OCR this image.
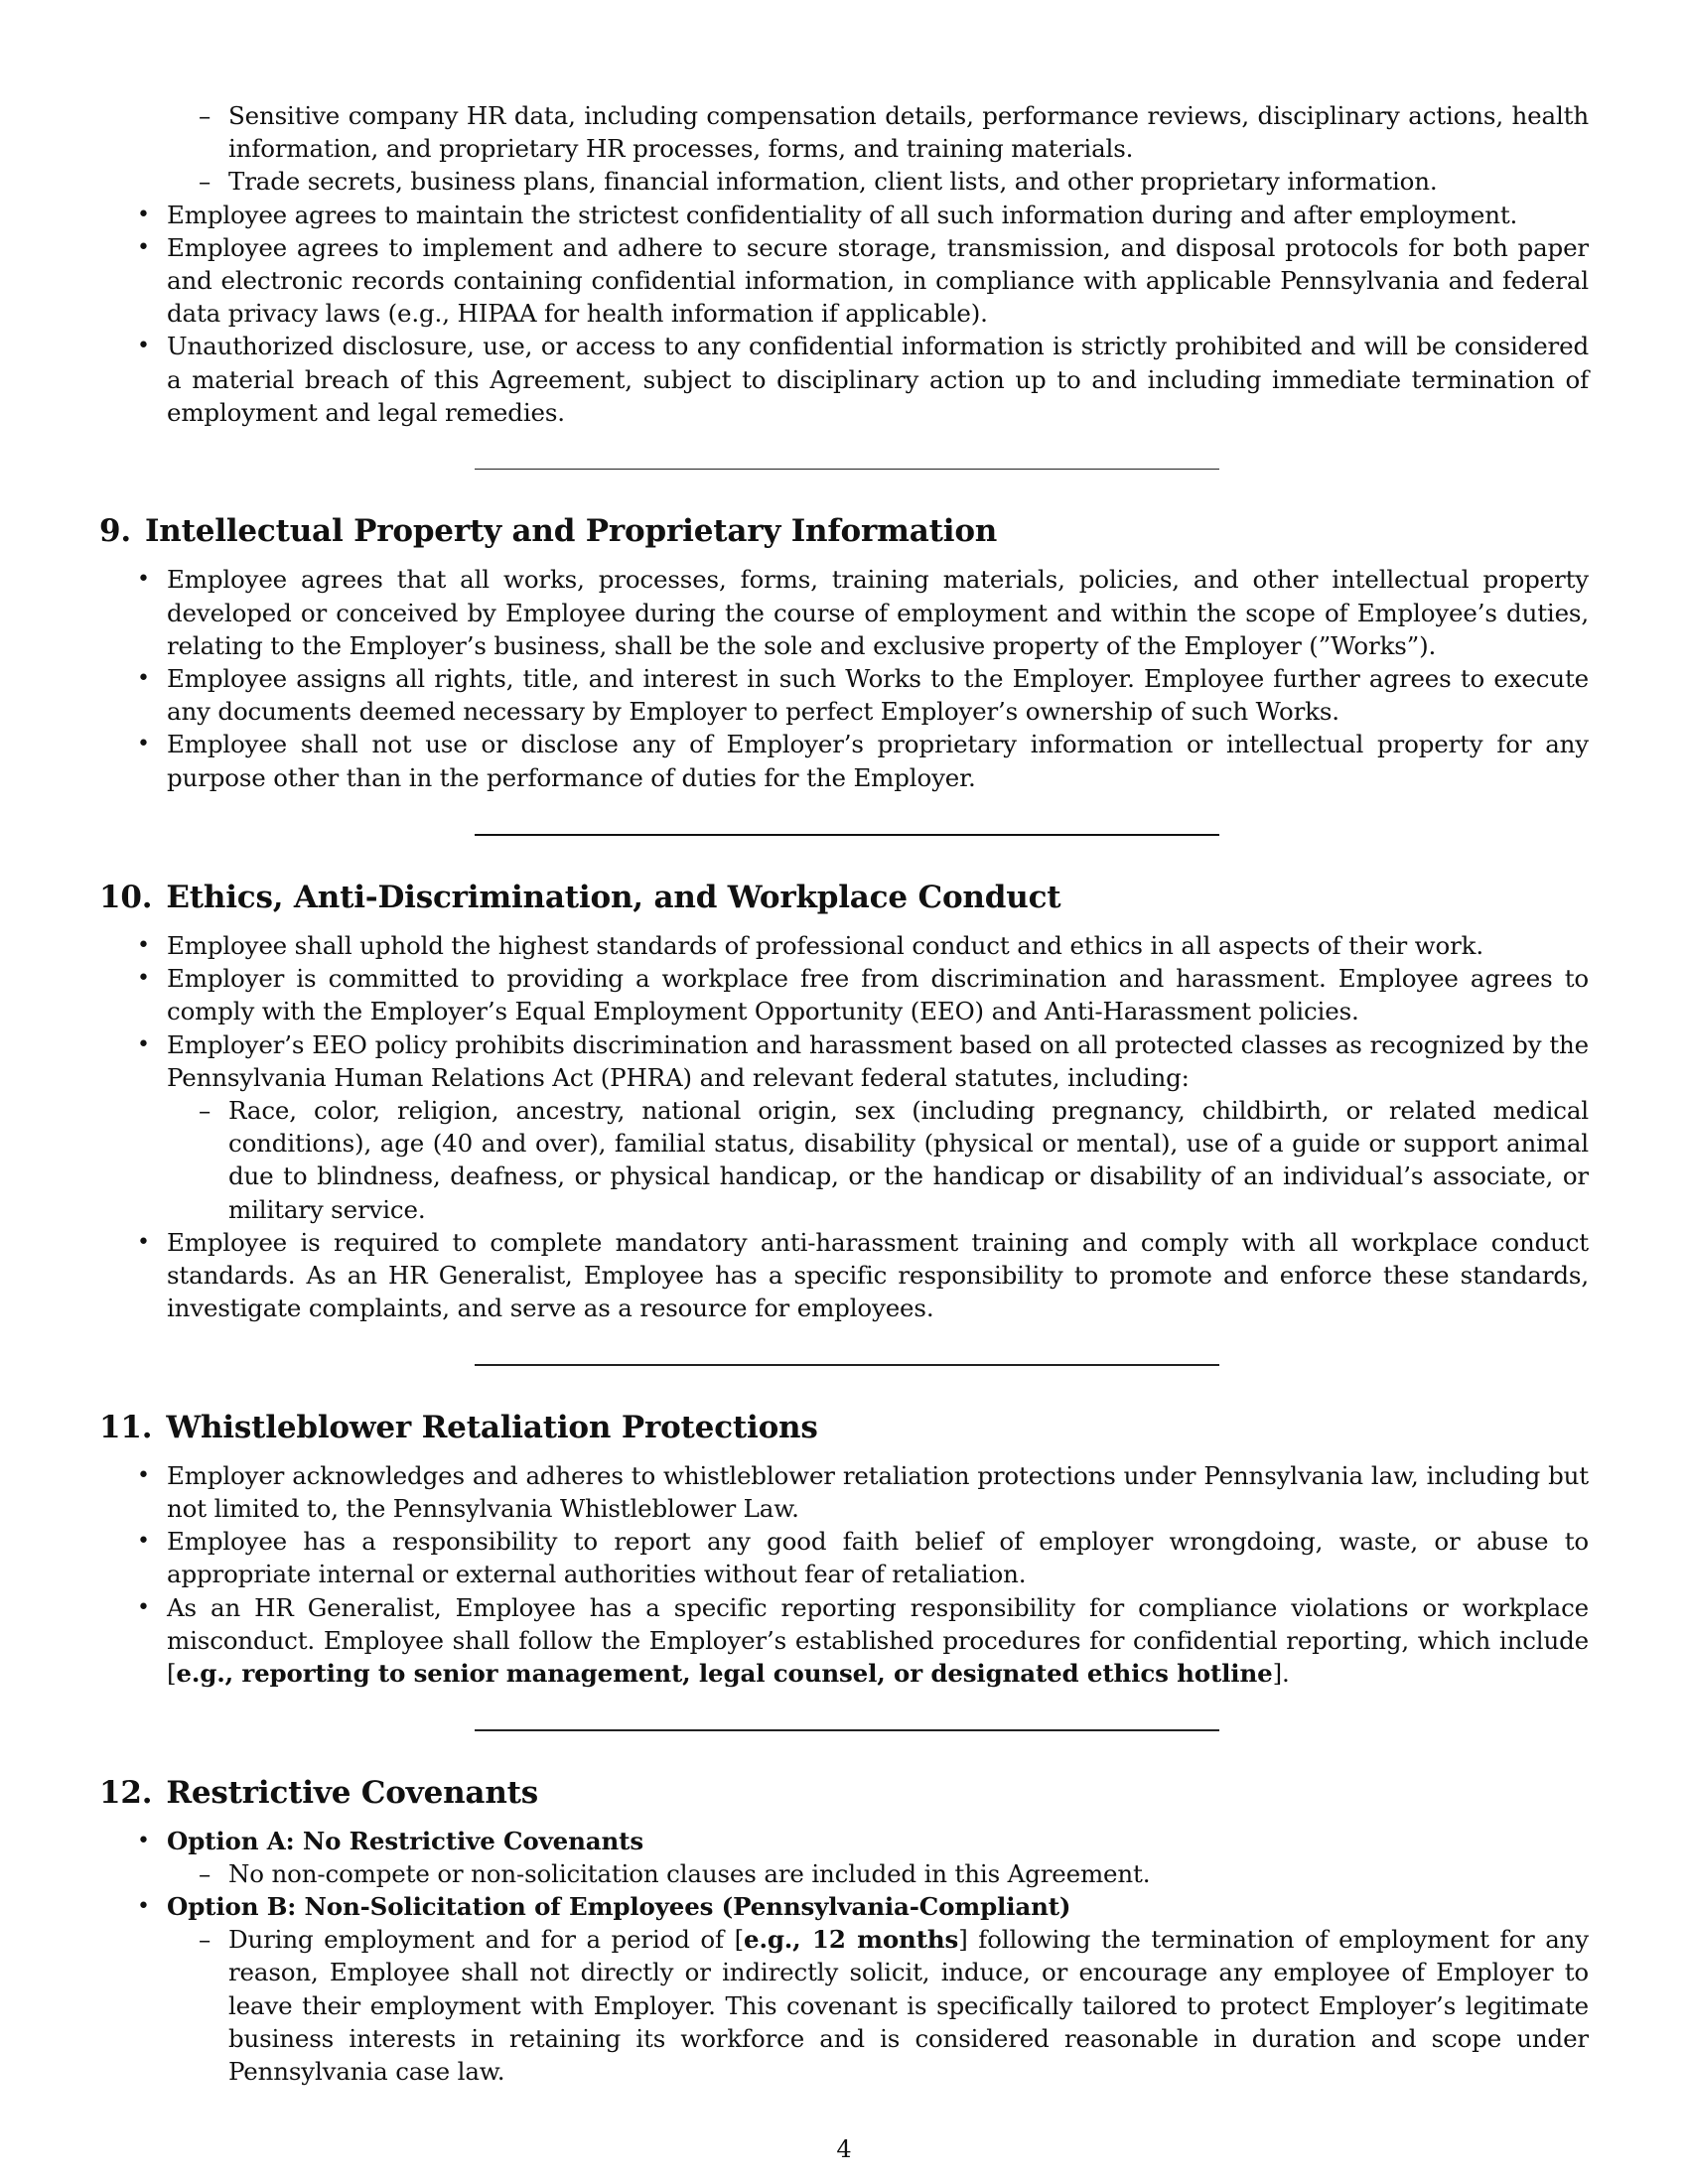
– Sensitive company HR data, including compensation details, performance reviews, disciplinary actions, health information, and proprietary HR processes, forms, and training materials.
– Trade secrets, business plans, financial information, client lists, and other proprietary information.
• Employee agrees to maintain the strictest confidentiality of all such information during and after employment.
• Employee agrees to implement and adhere to secure storage, transmission, and disposal protocols for both paper and electronic records containing confidential information, in compliance with applicable Pennsylvania and federal data privacy laws (e.g., HIPAA for health information if applicable).
• Unauthorized disclosure, use, or access to any confidential information is strictly prohibited and will be considered a material breach of this Agreement, subject to disciplinary action up to and including immediate termination of employment and legal remedies.
9. Intellectual Property and Proprietary Information
• Employee agrees that all works, processes, forms, training materials, policies, and other intellectual property developed or conceived by Employee during the course of employment and within the scope of Employee’s duties, relating to the Employer’s business, shall be the sole and exclusive property of the Employer (”Works”).
• Employee assigns all rights, title, and interest in such Works to the Employer. Employee further agrees to execute any documents deemed necessary by Employer to perfect Employer’s ownership of such Works.
• Employee shall not use or disclose any of Employer’s proprietary information or intellectual property for any purpose other than in the performance of duties for the Employer.
10. Ethics, Anti-Discrimination, and Workplace Conduct
• Employee shall uphold the highest standards of professional conduct and ethics in all aspects of their work.
• Employer is committed to providing a workplace free from discrimination and harassment. Employee agrees to comply with the Employer’s Equal Employment Opportunity (EEO) and Anti-Harassment policies.
• Employer’s EEO policy prohibits discrimination and harassment based on all protected classes as recognized by the Pennsylvania Human Relations Act (PHRA) and relevant federal statutes, including:
– Race, color, religion, ancestry, national origin, sex (including pregnancy, childbirth, or related medical conditions), age (40 and over), familial status, disability (physical or mental), use of a guide or support animal due to blindness, deafness, or physical handicap, or the handicap or disability of an individual’s associate, or military service.
• Employee is required to complete mandatory anti-harassment training and comply with all workplace conduct standards. As an HR Generalist, Employee has a specific responsibility to promote and enforce these standards, investigate complaints, and serve as a resource for employees.
11. Whistleblower Retaliation Protections
• Employer acknowledges and adheres to whistleblower retaliation protections under Pennsylvania law, including but not limited to, the Pennsylvania Whistleblower Law.
• Employee has a responsibility to report any good faith belief of employer wrongdoing, waste, or abuse to appropriate internal or external authorities without fear of retaliation.
• As an HR Generalist, Employee has a specific reporting responsibility for compliance violations or workplace misconduct. Employee shall follow the Employer’s established procedures for confidential reporting, which include [e.g., reporting to senior management, legal counsel, or designated ethics hotline].
12. Restrictive Covenants
• Option A: No Restrictive Covenants
– No non-compete or non-solicitation clauses are included in this Agreement.
• Option B: Non-Solicitation of Employees (Pennsylvania-Compliant)
– During employment and for a period of [e.g., 12 months] following the termination of employment for any reason, Employee shall not directly or indirectly solicit, induce, or encourage any employee of Employer to leave their employment with Employer. This covenant is specifically tailored to protect Employer’s legitimate business interests in retaining its workforce and is considered reasonable in duration and scope under Pennsylvania case law.
4
